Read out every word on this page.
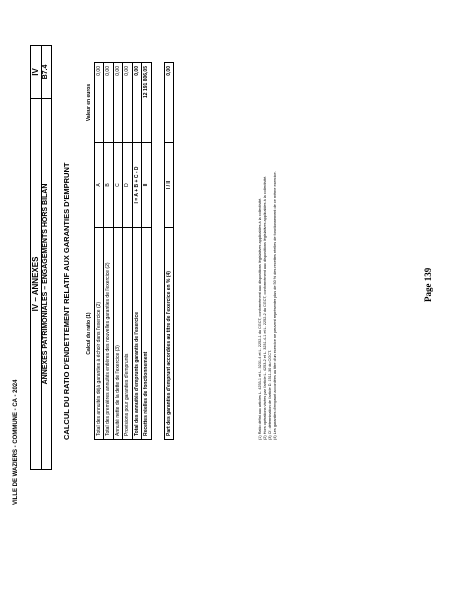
VILLE DE WAZIERS - COMMUNE - CA - 2024
IV – ANNEXES ANNEXES PATRIMONIALES – ENGAGEMENTS HORS BILAN
IV B7.4
CALCUL DU RATIO D'ENDETTEMENT RELATIF AUX GARANTIES D'EMPRUNT	Calcul du ratio (1)		Valeur en euros
Total des annuités déjà garanties à échoir dans l'exercice (2)	A	0,00
Total des premières annuités entières des nouvelles garanties de l'exercice (2)	B	0,00
Annuité nette de la dette de l'exercice (3)	C	0,00
Provisions pour garanties d'emprunts	D	0,00
Total des annuités d'emprunts garantis de l'exercice	I = A + B + C - D	0,00
Recettes réelles de fonctionnement	II	12 191 806,05

Part des garanties d'emprunt accordées au titre de l'exercice en % (4)	I / II	0,00
(1) Ratio défini aux articles L. 4253-1 et L. 3231-4 et L. 2252-1 du CGCT, conformément aux dispositions législatives applicables à la collectivité. (2) Hors opérations visées par l'article L. 4253-2 et L. 3231-4-1 et L. 2252-2 du CGCT, conformément aux dispositions législatives applicables à la collectivité. (3) Cf. détermination de l'article D. 1511-30 du CGCT. (4) Les garanties d'emprunt accordées au titre d'un exercice ne peuvent représenter plus de 50 % des recettes réelles de fonctionnement de ce même exercice.	Page 139
